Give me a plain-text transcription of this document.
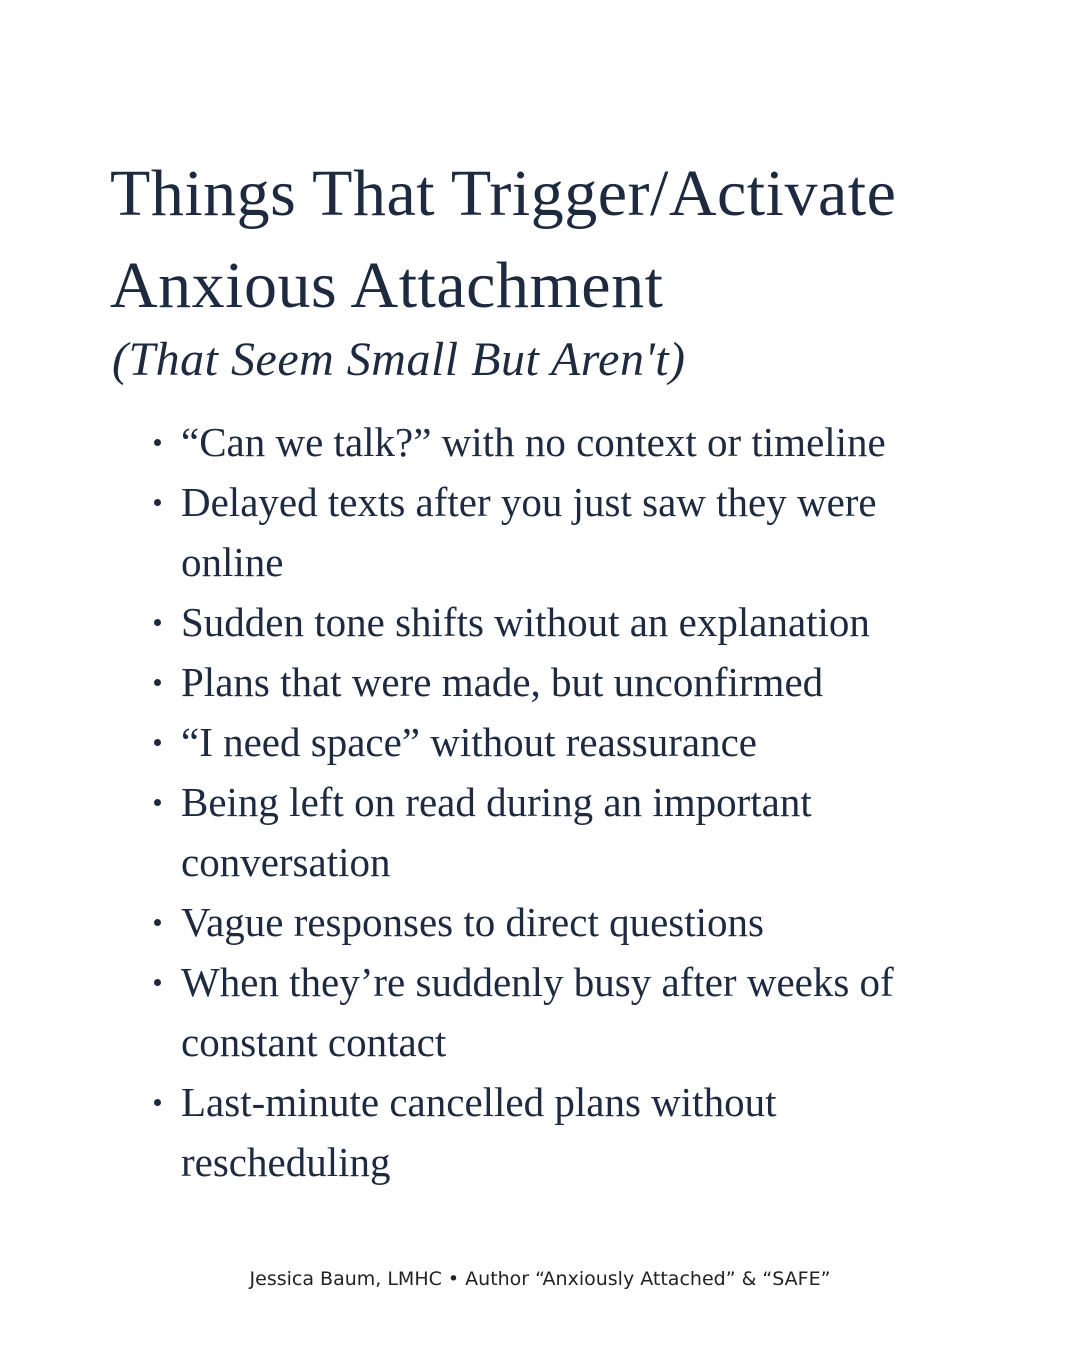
Things That Trigger/Activate Anxious Attachment

(That Seem Small But Aren't)

“Can we talk?” with no context or timeline
Delayed texts after you just saw they were online
Sudden tone shifts without an explanation
Plans that were made, but unconfirmed
“I need space” without reassurance
Being left on read during an important conversation
Vague responses to direct questions
When they’re suddenly busy after weeks of constant contact
Last-minute cancelled plans without rescheduling
Jessica Baum, LMHC • Author “Anxiously Attached” & “SAFE”
